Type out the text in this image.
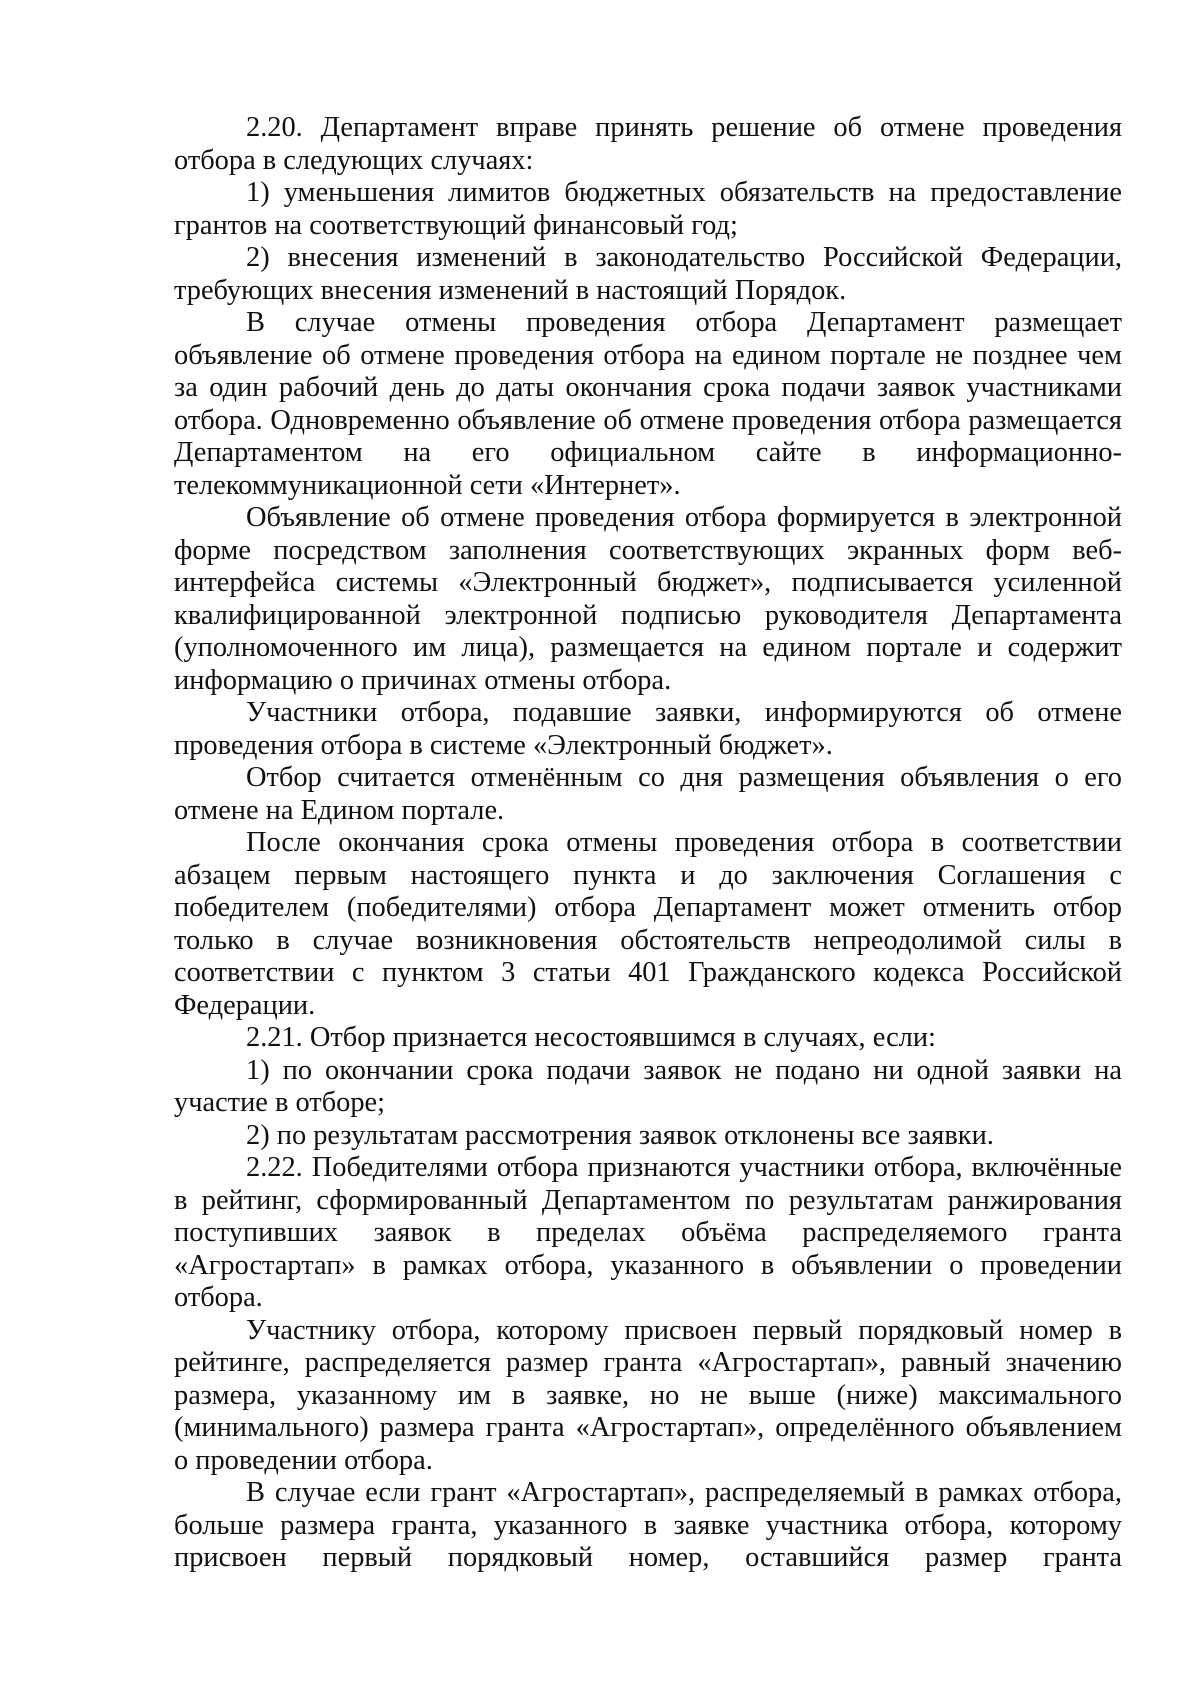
2.20. Департамент вправе принять решение об отмене проведения отбора в следующих случаях:

1) уменьшения лимитов бюджетных обязательств на предоставление грантов на соответствующий финансовый год;

2) внесения изменений в законодательство Российской Федерации, требующих внесения изменений в настоящий Порядок.

В случае отмены проведения отбора Департамент размещает объявление об отмене проведения отбора на едином портале не позднее чем за один рабочий день до даты окончания срока подачи заявок участниками отбора. Одновременно объявление об отмене проведения отбора размещается Департаментом на его официальном сайте в информационно-телекоммуникационной сети «Интернет».

Объявление об отмене проведения отбора формируется в электронной форме посредством заполнения соответствующих экранных форм веб-интерфейса системы «Электронный бюджет», подписывается усиленной квалифицированной электронной подписью руководителя Департамента (уполномоченного им лица), размещается на едином портале и содержит информацию о причинах отмены отбора.

Участники отбора, подавшие заявки, информируются об отмене проведения отбора в системе «Электронный бюджет».

Отбор считается отменённым со дня размещения объявления о его отмене на Едином портале.

После окончания срока отмены проведения отбора в соответствии абзацем первым настоящего пункта и до заключения Соглашения с победителем (победителями) отбора Департамент может отменить отбор только в случае возникновения обстоятельств непреодолимой силы в соответствии с пунктом 3 статьи 401 Гражданского кодекса Российской Федерации.

2.21. Отбор признается несостоявшимся в случаях, если:

1) по окончании срока подачи заявок не подано ни одной заявки на участие в отборе;

2) по результатам рассмотрения заявок отклонены все заявки.

2.22. Победителями отбора признаются участники отбора, включённые в рейтинг, сформированный Департаментом по результатам ранжирования поступивших заявок в пределах объёма распределяемого гранта «Агростартап» в рамках отбора, указанного в объявлении о проведении отбора.

Участнику отбора, которому присвоен первый порядковый номер в рейтинге, распределяется размер гранта «Агростартап», равный значению размера, указанному им в заявке, но не выше (ниже) максимального (минимального) размера гранта «Агростартап», определённого объявлением о проведении отбора.

В случае если грант «Агростартап», распределяемый в рамках отбора, больше размера гранта, указанного в заявке участника отбора, которому присвоен первый порядковый номер, оставшийся размер гранта
